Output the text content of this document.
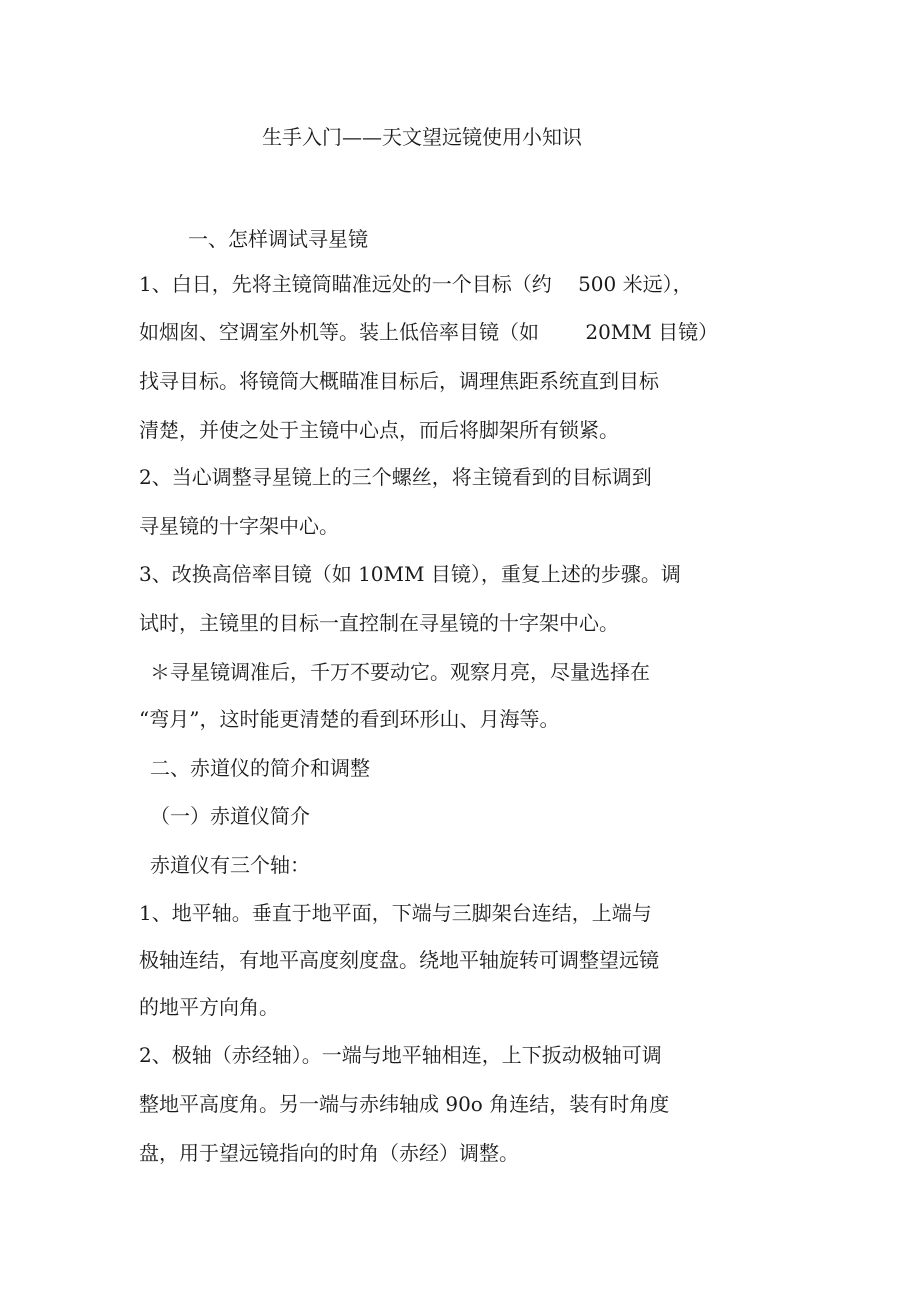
生手入门——天文望远镜使用小知识

一、怎样调试寻星镜

1、白日，先将主镜筒瞄准远处的一个目标（约 　500 米远），

如烟囱、空调室外机等。装上低倍率目镜（如 　　20MM 目镜）

找寻目标。将镜筒大概瞄准目标后，调理焦距系统直到目标

清楚，并使之处于主镜中心点，而后将脚架所有锁紧。

2、当心调整寻星镜上的三个螺丝，将主镜看到的目标调到

寻星镜的十字架中心。

3、改换高倍率目镜（如 10MM 目镜），重复上述的步骤。调

试时，主镜里的目标一直控制在寻星镜的十字架中心。

＊寻星镜调准后，千万不要动它。观察月亮，尽量选择在

“弯月”，这时能更清楚的看到环形山、月海等。

二、赤道仪的简介和调整

（一）赤道仪简介

赤道仪有三个轴：

1、地平轴。垂直于地平面，下端与三脚架台连结，上端与

极轴连结，有地平高度刻度盘。绕地平轴旋转可调整望远镜

的地平方向角。

2、极轴（赤经轴）。一端与地平轴相连，上下扳动极轴可调

整地平高度角。另一端与赤纬轴成 90o 角连结，装有时角度

盘，用于望远镜指向的时角（赤经）调整。
